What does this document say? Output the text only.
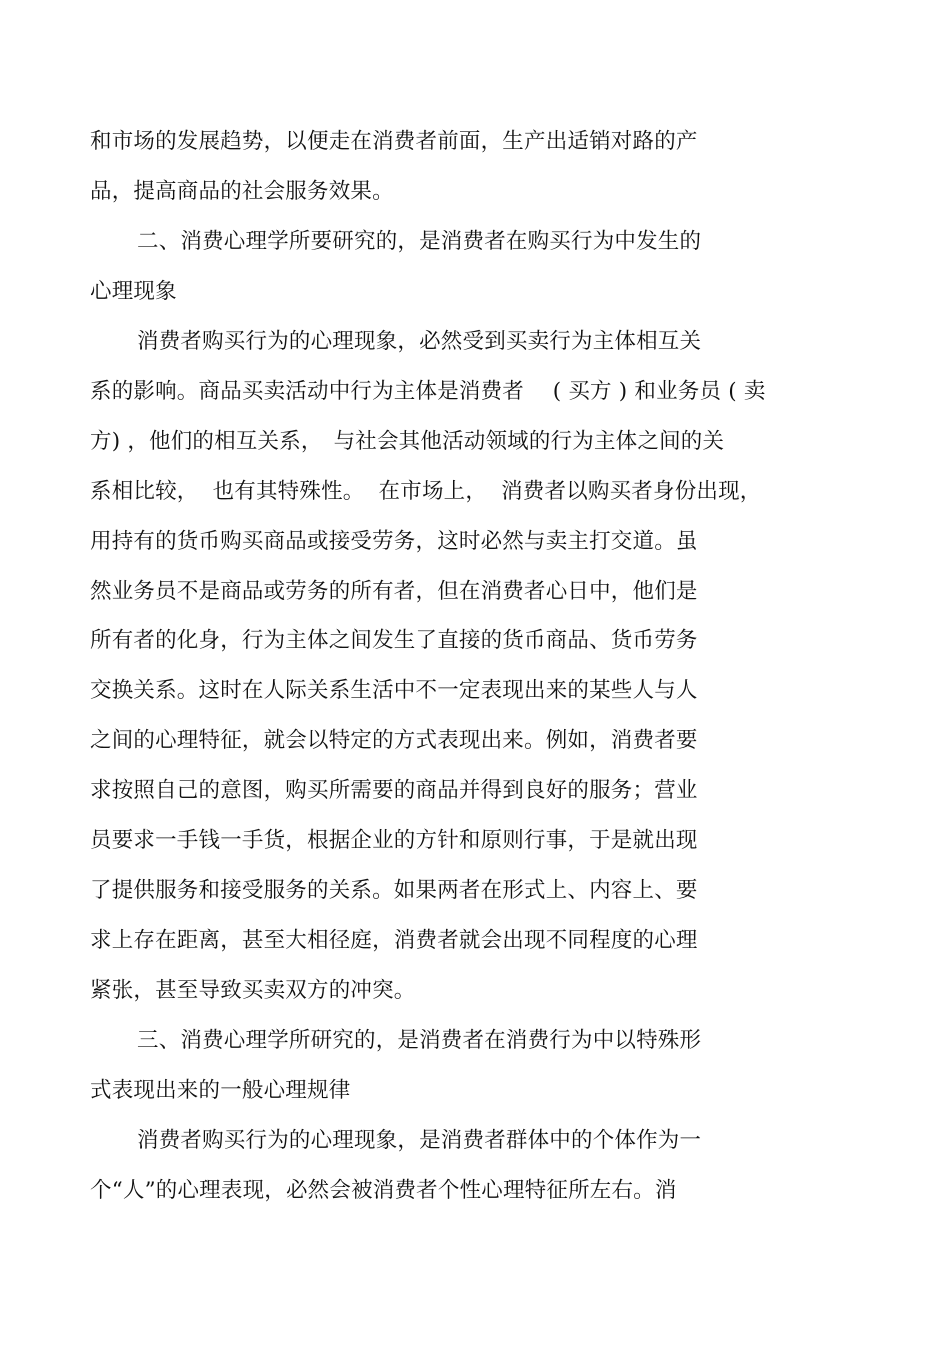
和市场的发展趋势，以便走在消费者前面，生产出适销对路的产
品，提高商品的社会服务效果。
二、消费心理学所要研究的，是消费者在购买行为中发生的
心理现象
消费者购买行为的心理现象，必然受到买卖行为主体相互关
系的影响。商品买卖活动中行为主体是消费者　 ( 买方 ) 和业务员 ( 卖
方) ，他们的相互关系，　与社会其他活动领域的行为主体之间的关
系相比较，  也有其特殊性。  在市场上，  消费者以购买者身份出现，
用持有的货币购买商品或接受劳务，这时必然与卖主打交道。虽
然业务员不是商品或劳务的所有者，但在消费者心日中，他们是
所有者的化身，行为主体之间发生了直接的货币商品、货币劳务
交换关系。这时在人际关系生活中不一定表现出来的某些人与人
之间的心理特征，就会以特定的方式表现出来。例如，消费者要
求按照自己的意图，购买所需要的商品并得到良好的服务；营业
员要求一手钱一手货，根据企业的方针和原则行事，于是就出现
了提供服务和接受服务的关系。如果两者在形式上、内容上、要
求上存在距离，甚至大相径庭，消费者就会出现不同程度的心理
紧张，甚至导致买卖双方的冲突。
三、消费心理学所研究的，是消费者在消费行为中以特殊形
式表现出来的一般心理规律
消费者购买行为的心理现象，是消费者群体中的个体作为一
个“人”的心理表现，必然会被消费者个性心理特征所左右。消
